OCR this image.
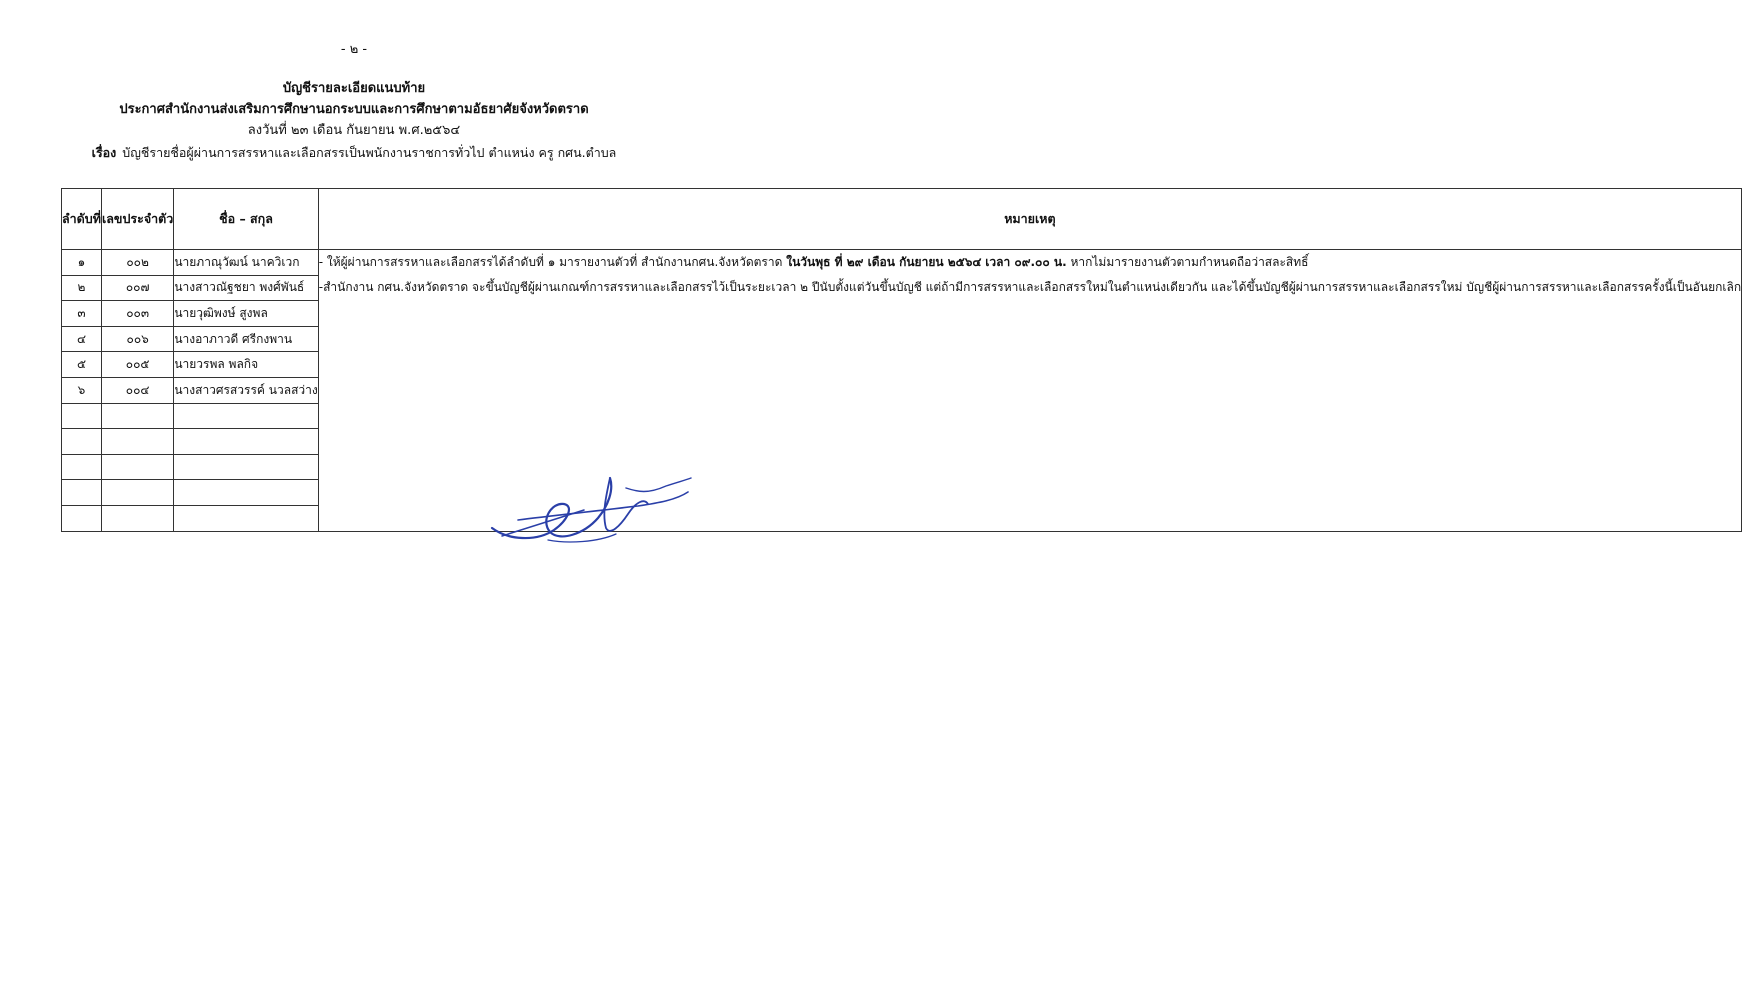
- ๒ -
บัญชีรายละเอียดแนบท้าย
ประกาศสำนักงานส่งเสริมการศึกษานอกระบบและการศึกษาตามอัธยาศัยจังหวัดตราด
ลงวันที่ ๒๓ เดือน กันยายน พ.ศ.๒๕๖๔
เรื่อง บัญชีรายชื่อผู้ผ่านการสรรหาและเลือกสรรเป็นพนักงานราชการทั่วไป ตำแหน่ง ครู กศน.ตำบล
ลำดับที่	เลขประจำตัว	ชื่อ – สกุล	หมายเหตุ
๑	๐๐๒	นายภาณุวัฒน์ นาควิเวก	- ให้ผู้ผ่านการสรรหาและเลือกสรรได้ลำดับที่ ๑ มารายงานตัวที่ สำนักงานกศน.จังหวัดตราด ในวันพุธ ที่ ๒๙ เดือน กันยายน ๒๕๖๔ เวลา ๐๙.๐๐ น. หากไม่มารายงานตัวตามกำหนดถือว่าสละสิทธิ์
-สำนักงาน กศน.จังหวัดตราด จะขึ้นบัญชีผู้ผ่านเกณฑ์การสรรหาและเลือกสรรไว้เป็นระยะเวลา ๒ ปีนับตั้งแต่วันขึ้นบัญชี แต่ถ้ามีการสรรหาและเลือกสรรใหม่ในตำแหน่งเดียวกัน และได้ขึ้นบัญชีผู้ผ่านการสรรหาและเลือกสรรใหม่ บัญชีผู้ผ่านการสรรหาและเลือกสรรครั้งนี้เป็นอันยกเลิก

๒	๐๐๗	นางสาวณัฐชยา พงศ์พันธ์	
๓	๐๐๓	นายวุฒิพงษ์ สูงพล	
๔	๐๐๖	นางอาภาวดี ศรีกงพาน	
๕	๐๐๕	นายวรพล พลกิจ	
๖	๐๐๔	นางสาวศรสวรรค์ นวลสว่าง	
